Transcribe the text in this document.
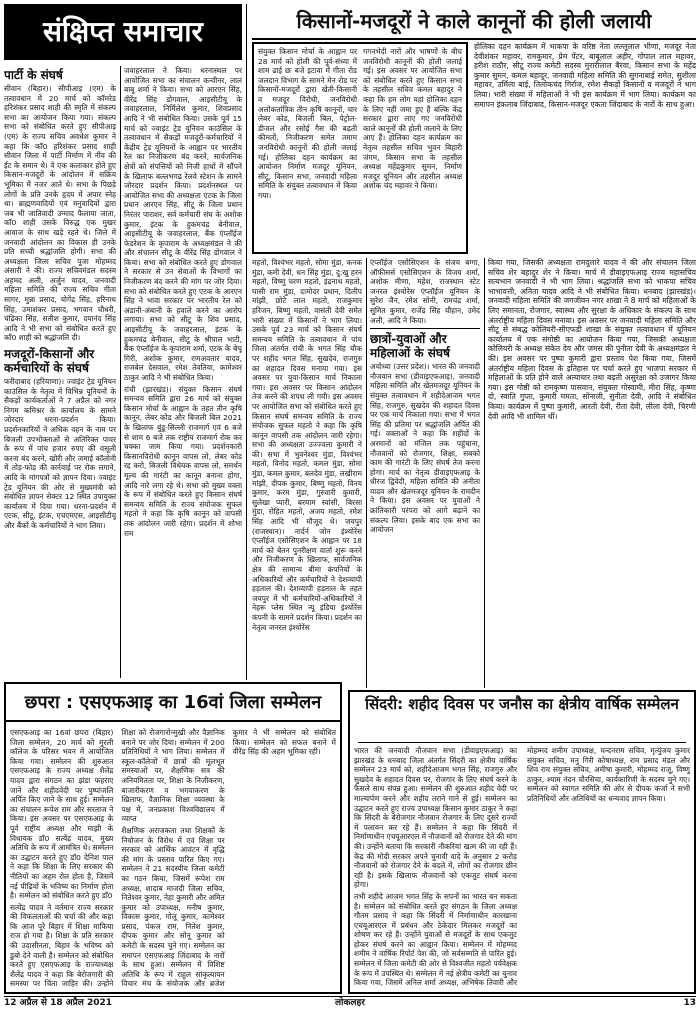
संक्षिप्त समाचार
पार्टी के संघर्ष

सीवान (बिहार)। सीपीआइ (एम) के तत्वावधान में 20 मार्च को कॉमरेड हरिशंकर प्रसाद शाही की स्मृति में संकल्प सभा का आयोजन किया गया। संकल्प सभा को संबोधित करते हुए सीपीआइ (एम) के राज्य सचिव अवधेश कुमार ने कहा कि कॉ0 हरिशंकर प्रसाद शाही सीवान जिला में पार्टी निर्माण में नींव की ईंट के समान थे। वे एक कलाकार होते हुए किसान-मजदूरों के आंदोलन में सक्रिय भूमिका में नजर आते थे। सभा के पिछड़े लोगों के प्रति उनके हृदय में अपार स्नेह था। ब्राह्मणवादियों एवं मनुवादियों द्वारा जब भी जातिवादी उन्माद फैलाया जाता, कॉ0 शाही उसके विरुद्ध एक मुखर आवाज के साथ खड़े रहते थे। जिले में जनवादी आंदोलन का विकास ही उनके प्रति सच्ची श्रद्धांजलि होगी। सभा की अध्यक्षता जिला सचिव पूजा मोहम्मद अंसारी ने की। राज्य सचिवमंडल सदस्य अहमद अली, अर्जुन यादव, जनवादी महिला समिति की राज्य सचिव गीता सागर, मुन्ना प्रसाद, योगेंद्र सिंह, हरिनाथ सिंह, उमाशंकर प्रसाद, भगवान चौधरी, चंद्रिका सिंह, सतीश कुमार, दयानंद सिंह आदि ने भी सभा को संबोधित करते हुए कॉ0 शाही को श्रद्धांजलि दी।

मजदूरों-किसानों और कर्मचारियों के संघर्ष

फरीदाबाद (हरियाणा)। ज्वाइंट ट्रेड यूनियन काउंसिल के नेतृत्व में विभिन्न यूनियनों के सैकड़ों कार्यकर्ताओं ने 7 अप्रैल को नगर निगम कमिश्नर के कार्यालय के सामने जोरदार धरना-प्रदर्शन किया। प्रदर्शनकारियों ने अधिक वहन के नाम पर बिजली उपभोक्ताओं से अतिरिक्त पावर के रूप में पांच हजार रुपए की वसूली करना बंद करने, खोरी और जमाई कॉलोनी में तोड़-फोड़ की कार्रवाई पर रोक लगाने, आदि के मांगपत्रों को ज्ञापन दिया। ज्वाइंट ट्रेड यूनियन की ओर से मुख्यमंत्री को संबोधित ज्ञापन सेक्टर 12 स्थित उपायुक्त कार्यालय में दिया गया। धरना-प्रदर्शन में एटक, सीटू, इंटक, एचएमएस, आइसीटीयू और बैंकों के कर्मचारियों ने भाग लिया।

जवाहरलाल ने किया। धरनास्थल पर आयोजित सभा का संचालन कन्वीनर, लाल बाबू शर्मा ने किया। सभा को आरएन सिंह, वीरेंद्र सिंह डोगवाल, आइसीटीयू के जवाहरलाल, निर्मिलेश कुमार, शिवप्रसाद आदि ने भी संबोधित किया। उसके पूर्व 15 मार्च को ज्वाइंट ट्रेड यूनियन काउंसिल के तत्वावधान में सैकड़ों मजदूरों-कर्मचारियों ने केंद्रीय ट्रेड यूनियनों के आह्वान पर भारतीय रेल का निजीकरण बंद करने, सार्वजनिक क्षेत्रों को संपत्तियों को निजी हाथों में सौंपने के खिलाफ बल्लभगढ़ रेलवे स्टेशन के सामने जोरदार प्रदर्शन किया। प्रदर्शनस्थल पर आयोजित सभा की अध्यक्षता एटक के जिला प्रधान आरएन सिंह, सीटू के जिला प्रधान निरंतर पाराशर, सर्व कर्मचारी संघ के अशोक कुमार, इंटक के हुकमचंद्र बेनीवाल, आइसीटीयू के जवाहरलाल, बैंक एंप्लॉईज फेडरेशन के कृपाराम के अध्यक्षमंडल ने की और संचालन सीटू के वीरेंद्र सिंह डोगवाल ने किया। सभा को संबोधित करते हुए डोगवाल ने सरकार से उन सेवाओं के विभागों का निजीकरण बंद करने की मांग पर जोर दिया। सभा को संबोधित करते हुए एटक के आरएन सिंह ने भावा सरकार पर भारतीय रेल को अडानी-अंबानी के हवाले करने का आरोप लगाया। सभा को सीटू के शिव प्रसाद, आइसीटीयू के जवाहरलाल, इंटक के हुकमचंद्र बेनीवाल, सीटू के श्रीपाल भाटी, बैंक एंप्लॉईज के कृपाराम शर्मा, एटक के बेचू गिरी, अशोक कुमार, रामअवतार यादव, राजबेल देसवाल, रमेश तेवतिया, कामेश्वर ठाकुर आदि ने भी संबोधित किया।

रांची (झारखंड)। संयुक्त किसान संघर्ष समन्वय समिति द्वारा 26 मार्च को संयुक्त किसान मोर्चा के आह्वान के तहत तीन कृषि कानून, लेबर कोड और बिजली बिल 2021 के खिलाफ बुंडू-सिल्ली राजमार्ग एवं 6 बजे से शाम 6 बजे तक राष्ट्रीय राजमार्ग रोक कर चक्का जाम किया गया। प्रदर्शनकारी किसानविरोधी कानून वापस लो, लेबर कोड रद्द करो, बिजली विधेयक वापस लो, समर्थन मूल्य की गारंटी का कानून बनाना होगा, आदि नारे लगा रहे थे। सभा को मुख्य वक्ता के रूप में संबोधित करते हुए किसान संघर्ष समन्वय समिति के राज्य संयोजक सुफल महतो ने कहा कि कृषि कानून को वापसी तक आंदोलन जारी रहेगा। प्रदर्शन में शोभा राम

किसानों-मजदूरों ने काले कानूनों की होली जलायी

संयुक्त किसान मोर्चा के आह्वान पर 28 मार्च को होली की पूर्व-संध्या में शाम ढाई छः बजे इटावा में गीता रोड जलदान विभाग के सामने मेन रोड पर किसानों-मजदूरों द्वारा खेती-किसानी व मजदूर विरोधी, जनविरोधी अलोकतांत्रिक तीन कृषि कानूनों, चार लेबर कोड, बिजली बिल, पेट्रोल-डीजल और रसोई गैस की बढ़ती कीमतों, निजीकरण समेत तमाम जनविरोधी कानूनों की होली जलाई गई। होलिका दहन कार्यक्रम का आयोजन निर्माण मजदूर यूनियन, सीटू, किसान सभा, जनवादी महिला समिति के संयुक्त तत्वावधान में किया गया।

गगनभेदी नारों और भाषणों के बीच जनविरोधी कानूनों की होली जलाई गई। इस अवसर पर आयोजित सभा को संबोधित करते हुए किसान सभा के तहसील सचिव कमल बहादुर ने कहा कि हम लोग यहां होलिका दहन के लिए नहीं जमा हुए हैं बल्कि केंद्र सरकार द्वारा लाए गए जनविरोधी काले कानूनों की होली जलाने के लिए आए हैं। होलिका दहन कार्यक्रम का नेतृत्व तहसील सचिव भुवन बिहारी जंगम, किसान सभा के तहसील अध्यक्ष महेंद्रकुमार सुमन, निर्माण मजदूर यूनियन और तहसील अध्यक्ष अशोक चंद महावर ने किया।

होलिका दहन कार्यक्रम में भाकपा के वरिष्ठ नेता लल्लूलाल भीणा, मजदूर नेता देवीशंकर महावर, रामकुमार, प्रेम पेंटर, बाबूलाल अहीर, गोपाल लाल महावर, हरीश राठौर, सीटू राज्य कमेटी सदस्य मुरारीलाल बैरवा, किसान सभा के महेंद्र कुमार सुमन, कमल बहादुर, जनवादी महिला समिति की सुगनाबाई समेत, सुशीला महावर, उर्मिला बाई, तिलोकचंद गिर्राज, रमेश सैकड़ों किसानों व मजदूरों ने भाग लिया। भारी संख्या में महिलाओं ने भी इस कार्यक्रम में भाग लिया। कार्यक्रम का समापन इंकलाब जिंदाबाद, किसान-मजदूर एकता जिंदाबाद के नारों के साथ हुआ।

महतो, विश्वंभर महतो, सोमा मुंडा, कनक मुंडा, कमी देवी, धन सिंह मुंडा, दु:खु हरन महतो, विष्णु चरण महतो, इंद्रनाथ महतो, घासी राम मुंडा, दामोदर प्रधान, दिलीप मांझी, छोटे लाल महतो, राजकुमार हरिजन, बिष्णु महतो, वासंती देवी समेत भारी संख्या में किसानों ने भाग लिया। उसके पूर्व 23 मार्च को किसान संघर्ष समन्वय समिति के तत्वावधान में पांच जिला अंतर्गत रांची के भगत सिंह चौक पर शहीद भगत सिंह, सुखदेव, राजगुरु का शहादत दिवस मनाया गया। इस अवसर पर युवा-किसान मार्च निकाला गया। इस अवसर पर किसान आंदोलन तेज करने की शपथ ली गयी। इस अवसर पर आयोजित सभा को संबोधित करते हुए किसान संघर्ष समन्वय समिति के राज्य संयोजक सुफल महतो ने कहा कि कृषि कानून वापसी तक आंदोलन जारी रहेगा। सभा की अध्यक्षता उज्ज्वला कुमारी ने की। सभा में भुवनेश्वर मुंडा, विश्वंभर महतो, विनोद महतो, कमल मुंडा, सोमा मुंडा, कमल कुमार, बलदेव मुंडा, लखीराम मांझी, दीपक कुमार, बिष्णु महतो, विनय कुमार, करम मुंडा, गुरुवारी कुमारी, सुलेखा प्यारी, बरयाम स्वांसी, बिरसा मुंडा, रोहित महतो, अजय महतो, रमेश सिंह आदि भी मौजूद थे। जयपुर (राजस्थान)। नार्दर्न जोन इंश्योरेंस एंप्लॉईज एसोसिएशन के आह्वान पर 18 मार्च को बेतन पुनरीक्षण वार्ता शुरू करने और निजीकरण के खिलाफ, सार्वजनिक क्षेत्र की सामान्य बीमा कंपनियों के अधिकारियों और कर्मचारियों ने देशव्यापी हड़ताल की। देशव्यापी हड़ताल के तहत जयपुर में भी कर्मचारियों-अधिकारियों ने नेहरू प्लेस स्थित न्यू इंडिया इंश्योरेंस कंपनी के सामने प्रदर्शन किया। प्रदर्शन का नेतृत्व जनरल इंश्योरेंस

एंप्लॉईज एसोसिएशन के संजय बग्गा, ऑफीसर्स एसोसिएशन के विजय शर्मा, अशोक मीणा, महेश, राजस्थान स्टेट जनरल इंश्योरेंस एंप्लॉईज यूनियन के सुरेश जैन, रमेश सोनी, रामचंद्र शर्मा, सुमित कुमार, राजेंद्र सिंह चौहान, उमेद अली, आदि ने किया।

छात्रों-युवाओं और महिलाओं के संघर्ष

अयोध्या (उत्तर प्रदेश)। भारत की जनवादी नौजवान सभा (डीवाइएफआइ), जनवादी महिला समिति और खेतमजदूर यूनियन के संयुक्त तत्वावधान में शहीदेआजम भगत सिंह, राजगुरु, सुखदेव की शहादत दिवस पर एक मार्च निकाला गया। सभा में भगत सिंह की प्रतिमा पर श्रद्धांजलि अर्पित की गई। वक्ताओं ने कहा कि शहीदों के अरमानों को मंजिल तक पहुंचाना, नौजवानों को रोजगार, शिक्षा, सबको काम की गारंटी के लिए संघर्ष तेज करना होगा। मार्च का नेतृत्व डीवाइएफआइ के धीरज द्विवेदी, महिला समिति की अनीता यादव और खेतमजदूर यूनियन के रामदीन ने किया। इस अवसर पर युवाओं ने क्रांतिकारी परंपरा को आगे बढ़ाने का संकल्प लिया। इसके बाद एक सभा का आयोजन

किया गया, जिसकी अध्यक्षता रामदुलारे यादव ने की और संचालन जिला सचिव शेर बहादुर शेर ने किया। मार्च में डीवाइएफआइ राज्य महासचिव सत्यभान जनवादी ने भी भाग लिया। श्रद्धांजलि सभा को भाकपा सचिव भाभावत्ती, अनिता यादव आदि ने भी संबोधित किया। धनबाद (झारखंड)। जनवादी महिला समिति की जगजीवन नगर शाखा ने 8 मार्च को महिलाओं के लिए समानता, रोजगार, स्वास्थ्य और सुरक्षा के अधिकार के संकल्प के साथ अंतर्राष्ट्रीय महिला दिवस मनाया। इस अवसर पर जनवादी महिला समिति और सीटू से संबद्ध कोलियरी-सीएफडी शाखा के संयुक्त तत्वावधान में यूनियन कार्यालय में एक संगोष्ठी का आयोजन किया गया, जिसकी अध्यक्षता कोलियरी के अध्यक्ष संकेत देव और जमस की पुनीता देवी के अध्यक्षमंडल ने की। इस अवसर पर पुष्पा कुमारी द्वारा प्रस्ताव पेश किया गया, जिसमें अंतर्राष्ट्रीय महिला दिवस के इतिहास पर चर्चा करते हुए भाजपा सरकार में महिलाओं के प्रति होने वाले अत्याचार तथा बढ़ती असुरक्षा को उजागर किया गया। इस गोष्ठी को रामकृष्ण पासवान, संयुक्ता गोस्वामी, मीरा सिंह, कृष्णा दो, स्वाति गुप्ता, कुमारी ममता, सोनाली, सुनीता देवी, आदि ने संबोधित किया। कार्यक्रम में पुष्पा कुमारी, आरती देवी, रीता देवी, लीला देवी, चिरणी देवी आदि भी शामिल थीं।

छपरा : एसएफआइ का 16वां जिला सम्मेलन

एसएफआइ का 16वां छपरा (बिहार) जिला सम्मेलन, 20 मार्च को मुरली कॉलेज के परिसर भवन में आयोजित किया गया। सम्मेलन की शुरुआत एसएफआइ के राज्य अध्यक्ष शैलेंद्र यादव द्वारा संगठन का झंडा फहराए जाने और शहीदवेदी पर पुष्पांजलि अर्पित किए जाने के साथ हुई। सम्मेलन का संचालन रूपेश राम और सरताज ने किया। इस अवसर पर एसएफआइ के पूर्व राष्ट्रीय अध्यक्ष और माझी के विधायक डॉ0 सत्येंद्र यादव, मुख्य अतिथि के रूप में आमंत्रित थे। सम्मेलन का उद्घाटन करते हुए डॉ0 देनिश पाल ने कहा कि शिक्षा के लिए सरकार की नीतियों का अहम रोल होता है, जिसमें नई पीढ़ियों के भविष्य का निर्माण होता है। सम्मेलन को संबोधित करते हुए डॉ0

सत्येंद्र यादव ने वर्तमान राज्य सरकार की विफलताओं की चर्चा की और कहा कि आज पूरे बिहार में शिक्षा माफिया राज हो गया है। शिक्षा के प्रति सरकार की उदासीनता, बिहार के भविष्य को डुबो देने वाली है। सम्मेलन को संबोधित करते हुए एसएफआइ के राज्याध्यक्ष शैलेंद्र यादव ने कहा कि बेरोजगारी की समस्या पर चिंता जाहिर की। उन्होंने शिक्षा को रोजगारोन्मुखी और वैज्ञानिक बनाने पर जोर दिया। सम्मेलन में 200 प्रतिनिधियों ने भाग लिया। सम्मेलन में स्कूल-कॉलेजों में छात्रों की मूलभूत समस्याओं पर, शैक्षणिक सत्र की अनियमितता पर, शिक्षा के निजीकरण, बाजारीकरण व भगवाकरण के खिलाफ, वैज्ञानिक शिक्षा व्यवस्था के पक्ष में, जनप्रकाश विश्वविद्यालय में व्याप्त

शैक्षणिक अराजकता तथा शिक्षकों के नियोजन के विरोध में एवं शिक्षा पर सरकार को आर्थिक आवंटन में वृद्धि की मांग के प्रस्ताव पारित किए गए। सम्मेलन ने 21 सदस्यीय जिला कमेटी का गठन किया, जिसमें रूपेश राम अध्यक्ष, शादाब माजदी जिला सचिव, नितेश्वर कुमार, नेहा कुमारी और अमित कुमार को उपाध्यक्ष, मनीष कुमार, विकास कुमार, गोलू कुमार, कामेश्वर प्रसाद, पंकज राम, नितेश कुमार, दीपक कुमार और सोनू कुमार को कमेटी के सदस्य चुने गए। सम्मेलन का समापन एसएफआइ जिंदाबाद के नारों के साथ हुआ। सम्मेलन में विशिष्ट अतिथि के रूप में राहुल सांकृत्यायन विचार मंच के संयोजक और ब्रजेश कुमार ने भी सम्मेलन को संबोधित किया। सम्मेलन को सफल बनाने में वीरेंद्र सिंह की अहम भूमिका रही।

सिंदरी: शहीद दिवस पर जनौस का क्षेत्रीय वार्षिक सम्मेलन

भारत की जनवादी नौजवान सभा (डीवाइएफआइ) का झारखंड के धनबाद जिला अंतर्गत सिंदरी का क्षेत्रीय वार्षिक सम्मेलन 23 मार्च को, शहीदेआजम भगत सिंह, राजगुरु और सुखदेव के शहादत दिवस पर, रोजगार के लिए संघर्ष करने के फैसले साथ संपन्न हुआ। सम्मेलन की शुरुआत शहीद वेदी पर माल्यार्पण करने और शहीद तराने गाने से हुई। सम्मेलन का उद्घाटन करते हुए राज्य उपाध्यक्ष किसान कुमार ठाकुर ने कहा कि सिंदरी के बेरोजगार नौजवान रोजगार के लिए दूसरे राज्यों में पलायन कर रहे हैं। सम्मेलन ने कहा कि सिंदरी में निर्माणाधीन एचयूआरएल में नौजवानों को रोजगार देने की मांग की। उन्होंने बताया कि सरकारी नौकरियां खत्म की जा रही हैं। केंद्र की मोदी सरकार अपने चुनावी वादे के अनुसार 2 करोड़ नौजवानों को रोजगार देने के बदले में, लोगों का रोजगार छीन रही है। इसके खिलाफ नौजवानों को एकजुट संघर्ष करना होगा।

तभी शहीदे आजम भगत सिंह के सपनों का भारत बन सकता है। सम्मेलन को संबोधित करते हुए संगठन के जिला अध्यक्ष गौतम प्रसाद ने कहा कि सिंदरी में निर्माणाधीन कारखाना एचयूआरएल में प्रबंधन और ठेकेदार मिलकर मजदूरों का शोषण कर रहे हैं। उन्होंने युवाओं से मजदूरों के साथ एकजुट होकर संघर्ष करने का आह्वान किया। सम्मेलन में मोहम्मद शमीम ने वार्षिक रिपोर्ट पेश की, जो सर्वसम्मति से पारित हुई। सम्मेलन में जिला कमेटी की ओर से विश्वजीत महतो पर्यवेक्षक के रूप में उपस्थित थे। सम्मेलन में नई क्षेत्रीय कमेटी का चुनाव किया गया, जिसमें अनिल शर्मा अध्यक्ष, अभिषेक तिवारी और मोहम्मद शमीम उपाध्यक्ष, चन्दनराम सचिव, मृत्युंजय कुमार संयुक्त सचिव, मनु गिरी कोषाध्यक्ष, राम प्रसाद मंडल और शिव राय संयुक्त सचिव, अमीषा कुमारी, मोहम्मद राजू, विष्णु ठाकुर, श्याम नंदन चौरसिया, कार्यकारिणी के सदस्य चुने गए। सम्मेलन को स्वागत समिति की ओर से दीपक कर्जा ने सभी प्रतिनिधियों और अतिथियों का धन्यवाद ज्ञापन किया।

12 अप्रैल से 18 अप्रैल 2021	लोकलहर	13
